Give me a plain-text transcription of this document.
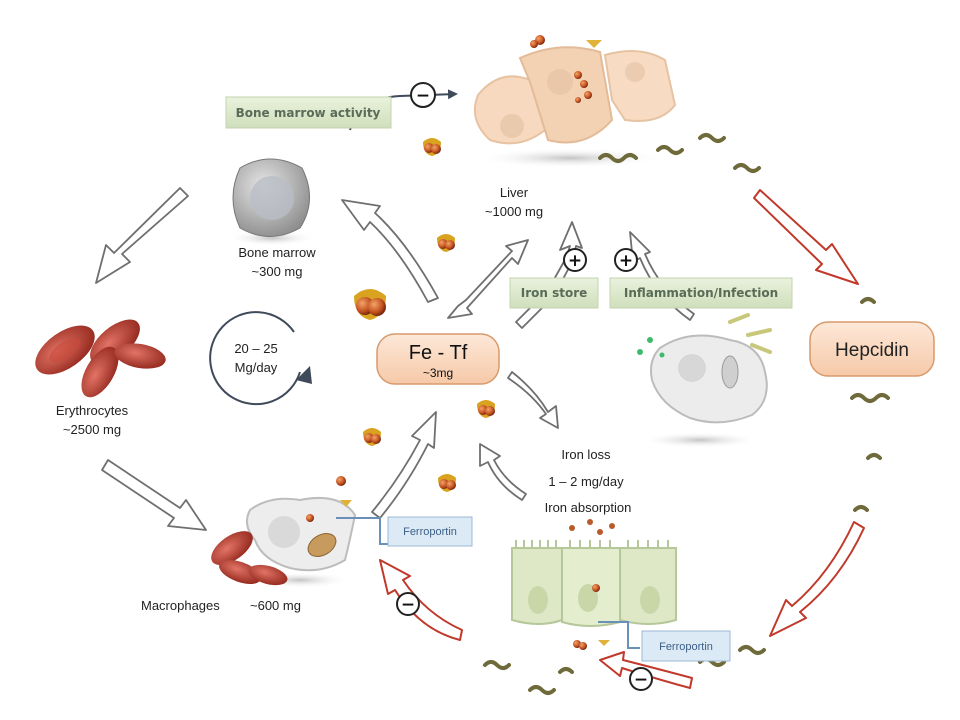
Bone marrow activity
Iron store	Inflammation/Infection
Ferroportin
Ferroportin
−
+ +
−
−
Fe - Tf
~3mg
Hepcidin
Liver
~1000 mg
Bone marrow
~300 mg
Erythrocytes
~2500 mg
Macrophages ~600 mg
20 – 25
Mg/day
Iron loss
1 – 2 mg/day
Iron absorption
